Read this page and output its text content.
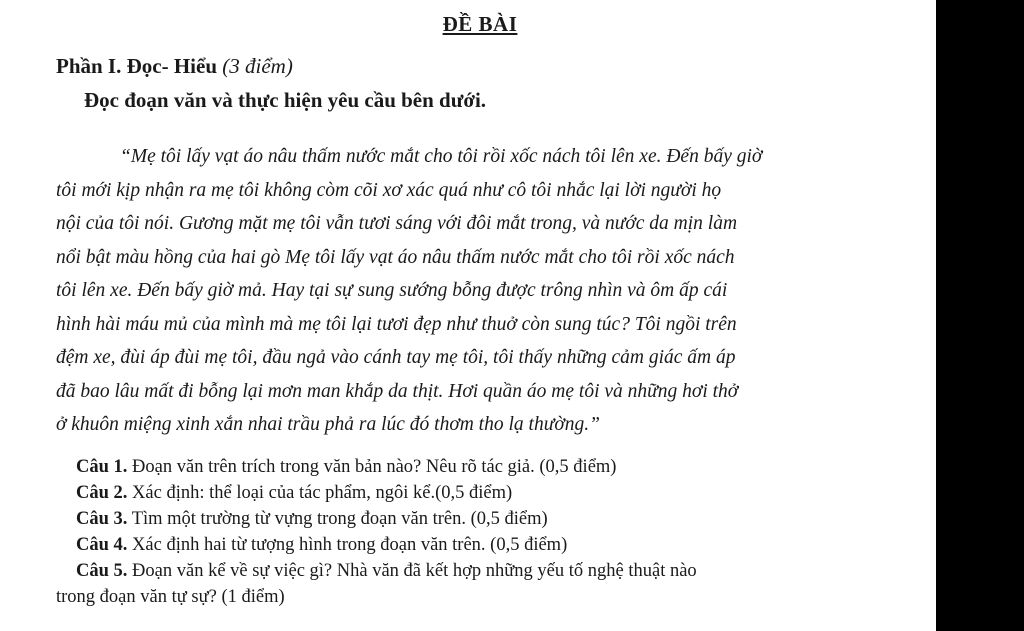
ĐỀ BÀI
Phần I. Đọc- Hiểu (3 điểm)
Đọc đoạn văn và thực hiện yêu cầu bên dưới.
“Mẹ tôi lấy vạt áo nâu thấm nước mắt cho tôi rồi xốc nách tôi lên xe. Đến bấy giờ
tôi mới kịp nhận ra mẹ tôi không còm cõi xơ xác quá như cô tôi nhắc lại lời người họ
nội của tôi nói. Gương mặt mẹ tôi vẫn tươi sáng với đôi mắt trong, và nước da mịn làm
nổi bật màu hồng của hai gò Mẹ tôi lấy vạt áo nâu thấm nước mắt cho tôi rồi xốc nách
tôi lên xe. Đến bấy giờ mả. Hay tại sự sung sướng bỗng được trông nhìn và ôm ấp cái
hình hài máu mủ của mình mà mẹ tôi lại tươi đẹp như thuở còn sung túc? Tôi ngồi trên
đệm xe, đùi áp đùi mẹ tôi, đầu ngả vào cánh tay mẹ tôi, tôi thấy những cảm giác ấm áp
đã bao lâu mất đi bỗng lại mơn man khắp da thịt. Hơi quần áo mẹ tôi và những hơi thở
ở khuôn miệng xinh xắn nhai trầu phả ra lúc đó thơm tho lạ thường.”
Câu 1. Đoạn văn trên trích trong văn bản nào? Nêu rõ tác giả. (0,5 điểm)
Câu 2. Xác định: thể loại của tác phẩm, ngôi kể.(0,5 điểm)
Câu 3. Tìm một trường từ vựng trong đoạn văn trên. (0,5 điểm)
Câu 4. Xác định hai từ tượng hình trong đoạn văn trên. (0,5 điểm)
Câu 5. Đoạn văn kể về sự việc gì? Nhà văn đã kết hợp những yếu tố nghệ thuật nào
trong đoạn văn tự sự? (1 điểm)
